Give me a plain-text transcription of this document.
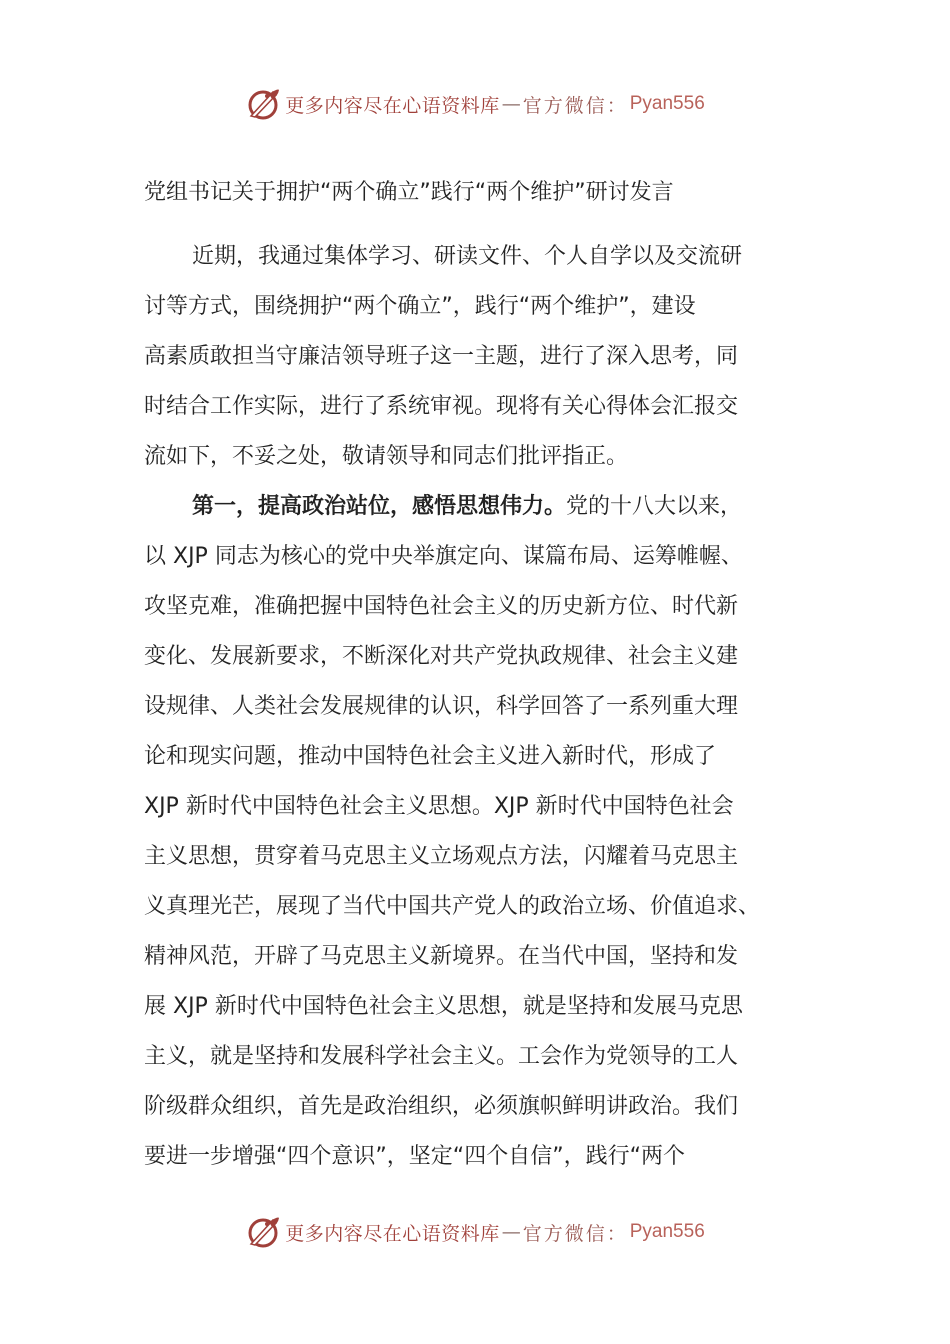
更多内容尽在心语资料库 — 官方微信： Pyan556
党组书记关于拥护“两个确立”践行“两个维护”研讨发言
近期，我通过集体学习、研读文件、个人自学以及交流研
讨等方式，围绕拥护“两个确立”，践行“两个维护”，建设
高素质敢担当守廉洁领导班子这一主题，进行了深入思考，同
时结合工作实际，进行了系统审视。现将有关心得体会汇报交
流如下，不妥之处，敬请领导和同志们批评指正。
第一，提高政治站位，感悟思想伟力。党的十八大以来，
以 XJP 同志为核心的党中央举旗定向、谋篇布局、运筹帷幄、
攻坚克难，准确把握中国特色社会主义的历史新方位、时代新
变化、发展新要求，不断深化对共产党执政规律、社会主义建
设规律、人类社会发展规律的认识，科学回答了一系列重大理
论和现实问题，推动中国特色社会主义进入新时代，形成了
XJP 新时代中国特色社会主义思想。XJP 新时代中国特色社会
主义思想，贯穿着马克思主义立场观点方法，闪耀着马克思主
义真理光芒，展现了当代中国共产党人的政治立场、价值追求、
精神风范，开辟了马克思主义新境界。在当代中国，坚持和发
展 XJP 新时代中国特色社会主义思想，就是坚持和发展马克思
主义，就是坚持和发展科学社会主义。工会作为党领导的工人
阶级群众组织，首先是政治组织，必须旗帜鲜明讲政治。我们
要进一步增强“四个意识”，坚定“四个自信”，践行“两个
更多内容尽在心语资料库 — 官方微信： Pyan556
